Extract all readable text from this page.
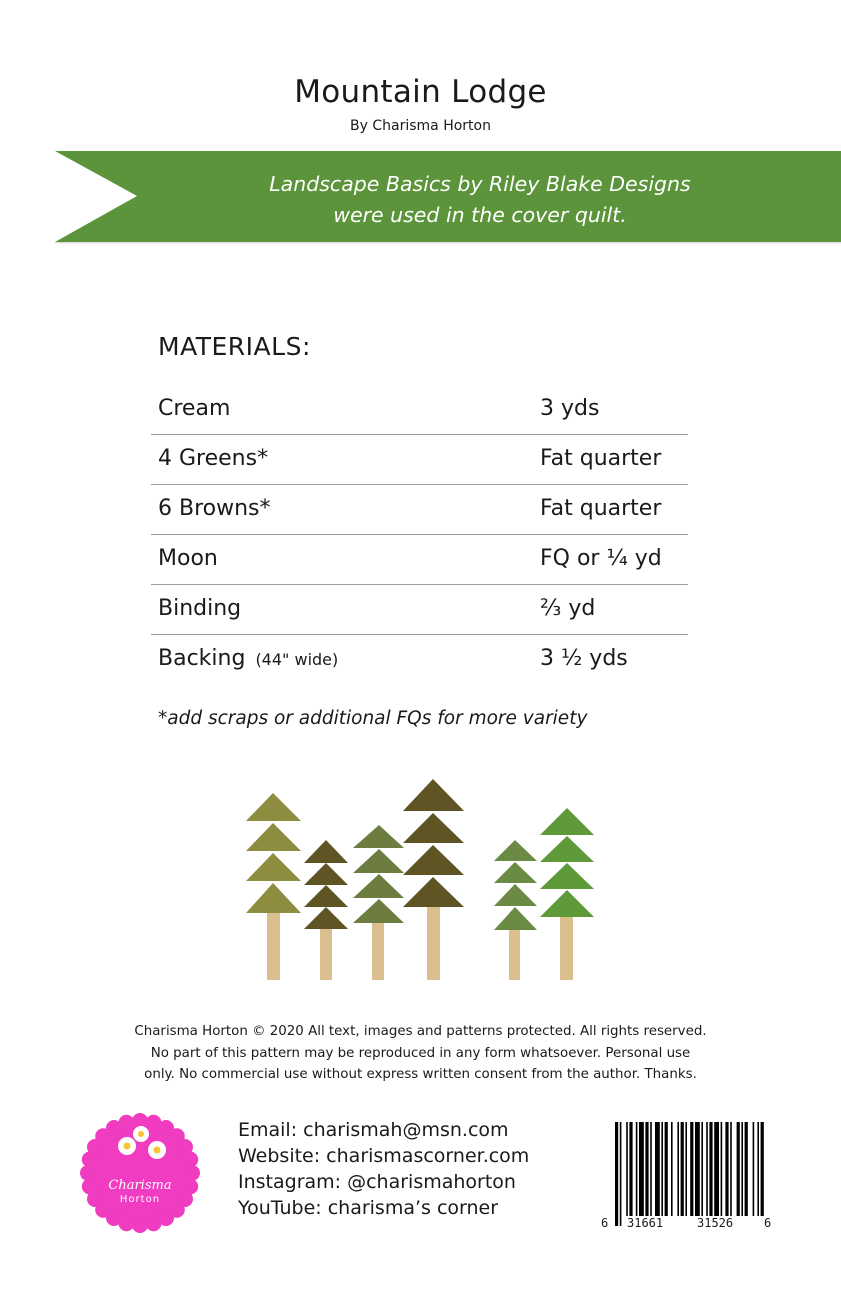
Mountain Lodge
By Charisma Horton
Landscape Basics by Riley Blake Designs
were used in the cover quilt.
MATERIALS:
Cream	3 yds
4 Greens*	Fat quarter
6 Browns*	Fat quarter
Moon	FQ or ¼ yd
Binding	⅔ yd
Backing (44" wide)	3 ½ yds
*add scraps or additional FQs for more variety
Charisma Horton © 2020 All text, images and patterns protected. All rights reserved.
No part of this pattern may be reproduced in any form whatsoever. Personal use
only. No commercial use without express written consent from the author. Thanks.
Charisma
Horton
Email: charismah@msn.com
Website: charismascorner.com
Instagram: @charismahorton
YouTube: charisma’s corner
6 31661	31526	6
